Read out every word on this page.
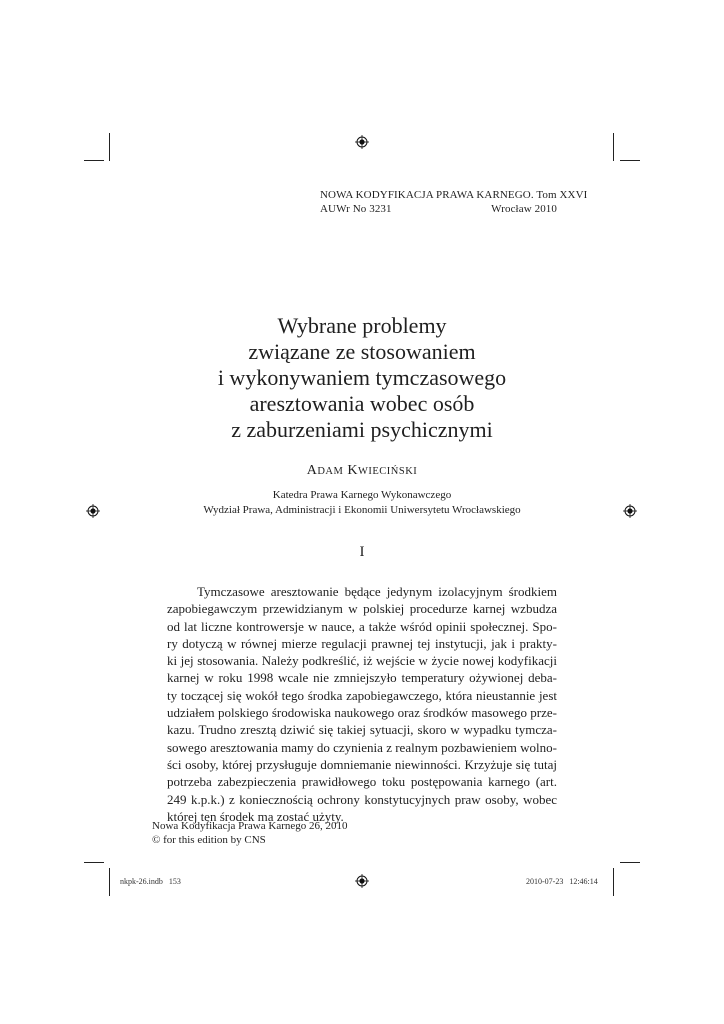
NOWA KODYFIKACJA PRAWA KARNEGO. Tom XXVI
AUWr No 3231	Wrocław 2010
Wybrane problemy
związane ze stosowaniem
i wykonywaniem tymczasowego
aresztowania wobec osób
z zaburzeniami psychicznymi
ADAM KWIECIŃSKI
Katedra Prawa Karnego Wykonawczego
Wydział Prawa, Administracji i Ekonomii Uniwersytetu Wrocławskiego
I
Tymczasowe aresztowanie będące jedynym izolacyjnym środkiem
zapobiegawczym przewidzianym w polskiej procedurze karnej wzbudza
od lat liczne kontrowersje w nauce, a także wśród opinii społecznej. Spo-
ry dotyczą w równej mierze regulacji prawnej tej instytucji, jak i prakty-
ki jej stosowania. Należy podkreślić, iż wejście w życie nowej kodyfikacji
karnej w roku 1998 wcale nie zmniejszyło temperatury ożywionej deba-
ty toczącej się wokół tego środka zapobiegawczego, która nieustannie jest
udziałem polskiego środowiska naukowego oraz środków masowego prze-
kazu. Trudno zresztą dziwić się takiej sytuacji, skoro w wypadku tymcza-
sowego aresztowania mamy do czynienia z realnym pozbawieniem wolno-
ści osoby, której przysługuje domniemanie niewinności. Krzyżuje się tutaj
potrzeba zabezpieczenia prawidłowego toku postępowania karnego (art.
249 k.p.k.) z koniecznością ochrony konstytucyjnych praw osoby, wobec
której ten środek ma zostać użyty.
Nowa Kodyfikacja Prawa Karnego 26, 2010
© for this edition by CNS
nkpk-26.indb   153	2010-07-23   12:46:14
